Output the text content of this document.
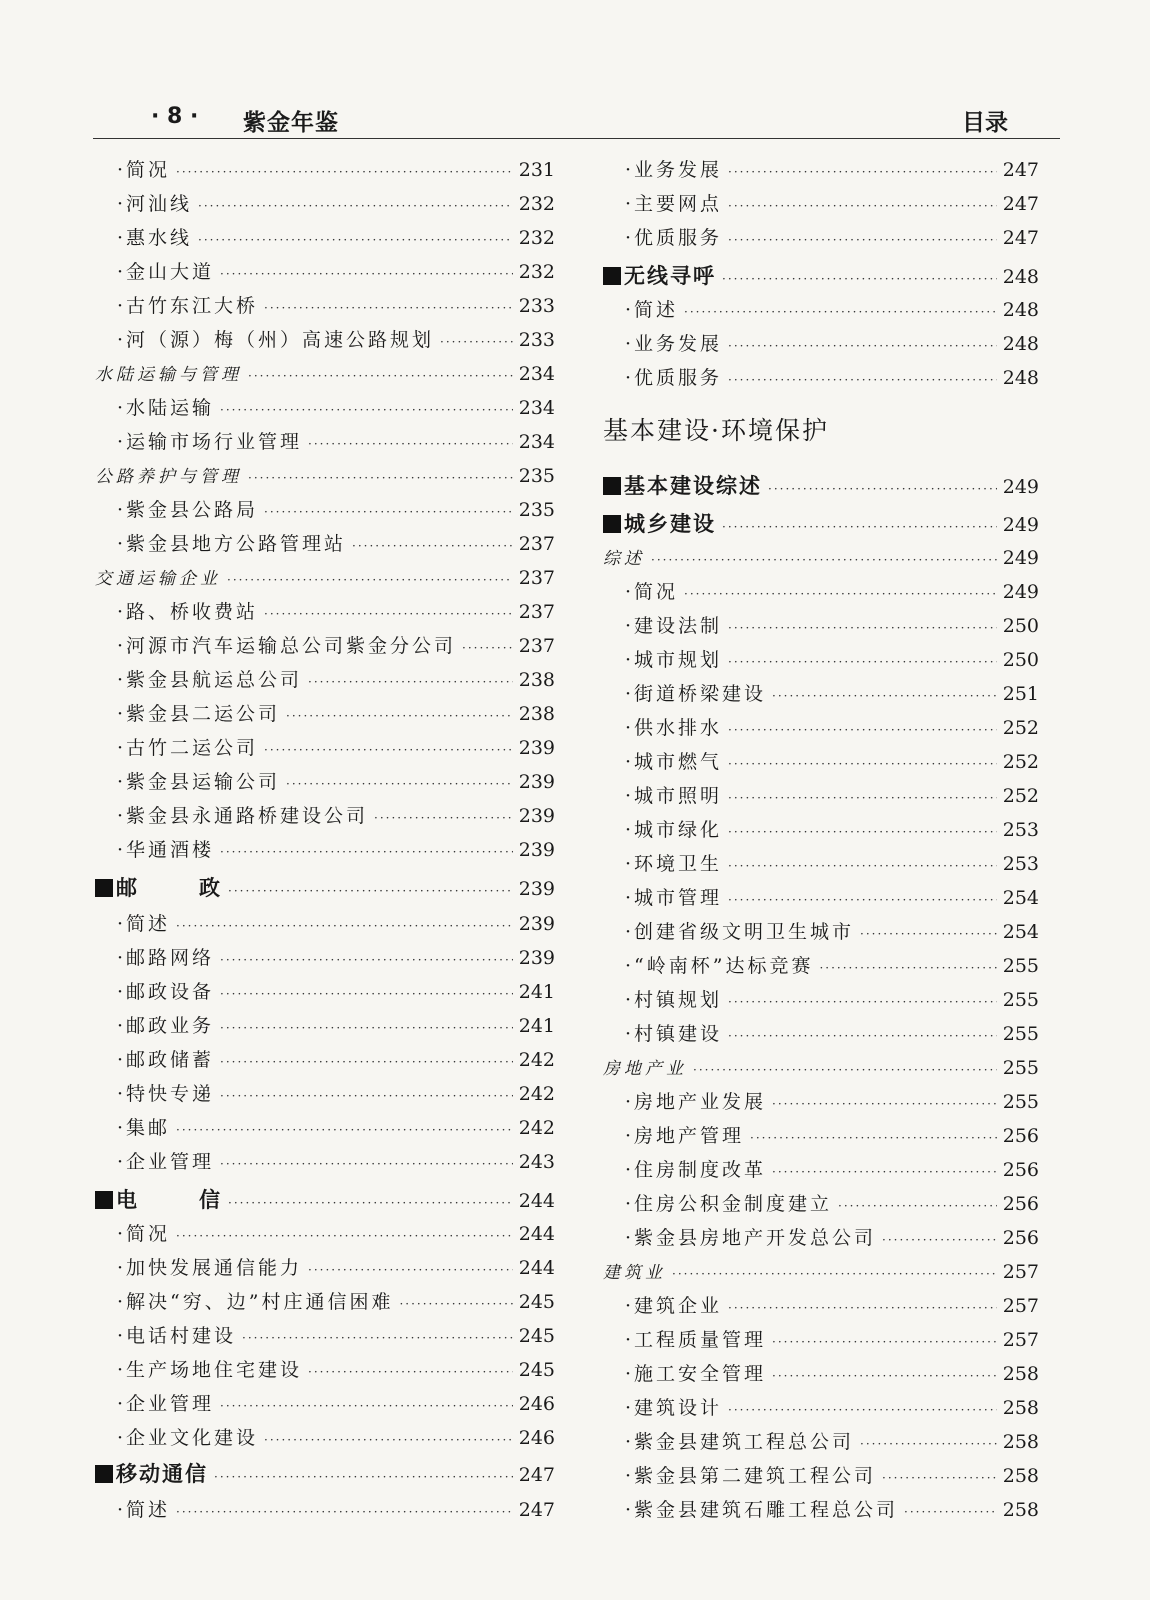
· 8 · 紫金年鉴	目录
·简况 ·····	231
·河汕线 ·····	232
·惠水线 ·····	232
·金山大道 ·····	232
·古竹东江大桥 ·····	233
·河（源）梅（州）高速公路规划 ·····	233
水陆运输与管理 ·····	234
·水陆运输 ·····	234
·运输市场行业管理 ·····	234
公路养护与管理 ·····	235
·紫金县公路局 ·····	235
·紫金县地方公路管理站 ·····	237
交通运输企业 ·····	237
·路、桥收费站 ·····	237
·河源市汽车运输总公司紫金分公司 ·····	237
·紫金县航运总公司 ·····	238
·紫金县二运公司 ·····	238
·古竹二运公司 ·····	239
·紫金县运输公司 ·····	239
·紫金县永通路桥建设公司 ·····	239
·华通酒楼 ·····	239
邮	政 ·····	239
·简述 ·····	239
·邮路网络 ·····	239
·邮政设备 ·····	241
·邮政业务 ·····	241
·邮政储蓄 ·····	242
·特快专递 ·····	242
·集邮 ·····	242
·企业管理 ·····	243
电	信 ·····	244
·简况 ·····	244
·加快发展通信能力 ·····	244
·解决“穷、边”村庄通信困难 ·····	245
·电话村建设 ·····	245
·生产场地住宅建设 ·····	245
·企业管理 ·····	246
·企业文化建设 ·····	246
移动通信 ·····	247
·简述 ·····	247
·业务发展 ·····	247
·主要网点 ·····	247
·优质服务 ·····	247
无线寻呼 ·····	248
·简述 ·····	248
·业务发展 ·····	248
·优质服务 ·····	248
基本建设·环境保护
基本建设综述 ·····	249
城乡建设 ·····	249
综述 ·····	249
·简况 ·····	249
·建设法制 ·····	250
·城市规划 ·····	250
·街道桥梁建设 ·····	251
·供水排水 ·····	252
·城市燃气 ·····	252
·城市照明 ·····	252
·城市绿化 ·····	253
·环境卫生 ·····	253
·城市管理 ·····	254
·创建省级文明卫生城市 ·····	254
·“岭南杯”达标竞赛 ·····	255
·村镇规划 ·····	255
·村镇建设 ·····	255
房地产业 ·····	255
·房地产业发展 ·····	255
·房地产管理 ·····	256
·住房制度改革 ·····	256
·住房公积金制度建立 ·····	256
·紫金县房地产开发总公司 ·····	256
建筑业 ·····	257
·建筑企业 ·····	257
·工程质量管理 ·····	257
·施工安全管理 ·····	258
·建筑设计 ·····	258
·紫金县建筑工程总公司 ·····	258
·紫金县第二建筑工程公司 ·····	258
·紫金县建筑石雕工程总公司 ·····	258
